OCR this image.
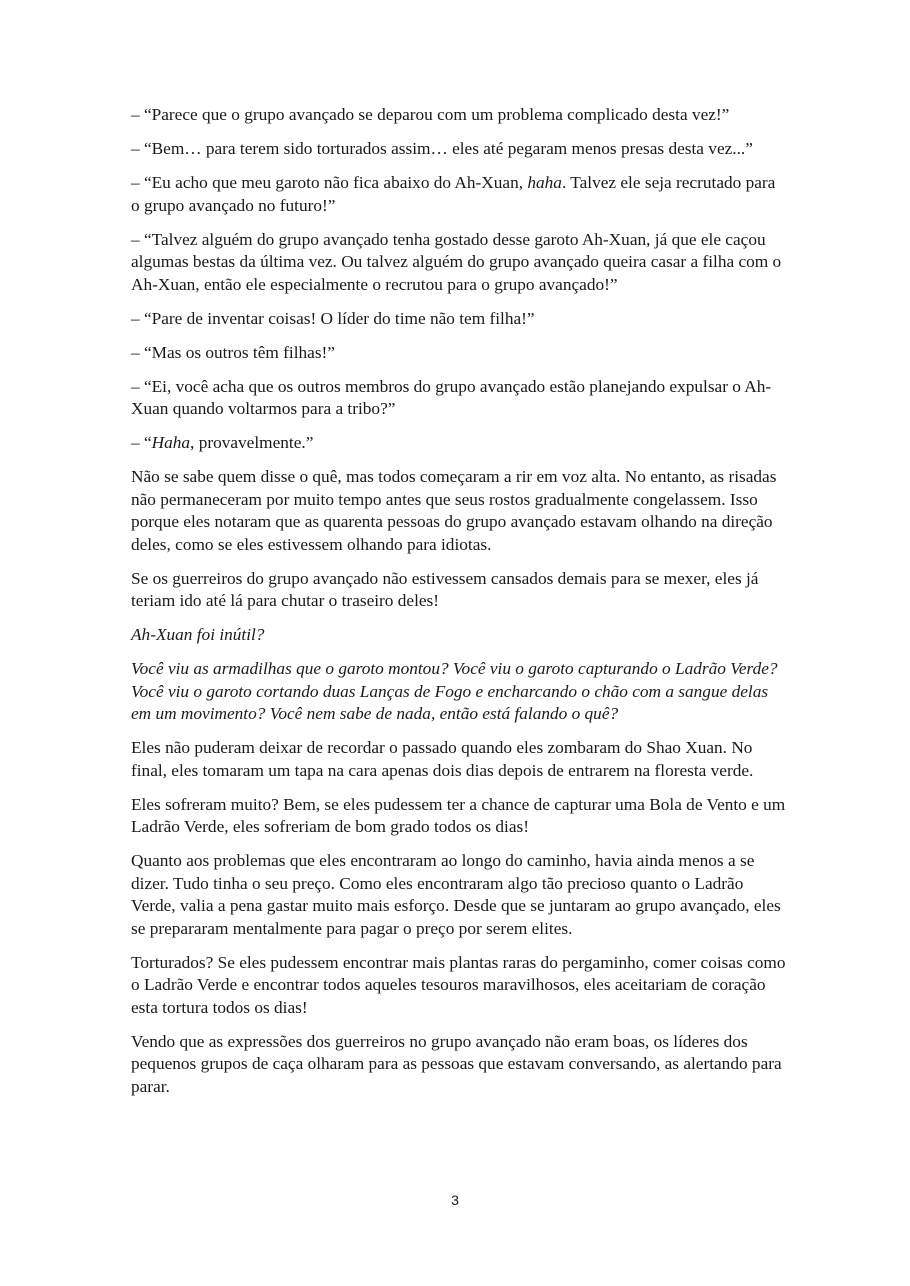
– “Parece que o grupo avançado se deparou com um problema complicado desta vez!”

– “Bem… para terem sido torturados assim… eles até pegaram menos presas desta vez...”

– “Eu acho que meu garoto não fica abaixo do Ah-Xuan, haha. Talvez ele seja recrutado para o grupo avançado no futuro!”

– “Talvez alguém do grupo avançado tenha gostado desse garoto Ah-Xuan, já que ele caçou algumas bestas da última vez. Ou talvez alguém do grupo avançado queira casar a filha com o Ah-Xuan, então ele especialmente o recrutou para o grupo avançado!”

– “Pare de inventar coisas! O líder do time não tem filha!”

– “Mas os outros têm filhas!”

– “Ei, você acha que os outros membros do grupo avançado estão planejando expulsar o Ah-Xuan quando voltarmos para a tribo?”

– “Haha, provavelmente.”

Não se sabe quem disse o quê, mas todos começaram a rir em voz alta. No entanto, as risadas não permaneceram por muito tempo antes que seus rostos gradualmente congelassem. Isso porque eles notaram que as quarenta pessoas do grupo avançado estavam olhando na direção deles, como se eles estivessem olhando para idiotas.

Se os guerreiros do grupo avançado não estivessem cansados demais para se mexer, eles já teriam ido até lá para chutar o traseiro deles!

Ah-Xuan foi inútil?

Você viu as armadilhas que o garoto montou? Você viu o garoto capturando o Ladrão Verde? Você viu o garoto cortando duas Lanças de Fogo e encharcando o chão com a sangue delas em um movimento? Você nem sabe de nada, então está falando o quê?

Eles não puderam deixar de recordar o passado quando eles zombaram do Shao Xuan. No final, eles tomaram um tapa na cara apenas dois dias depois de entrarem na floresta verde.

Eles sofreram muito? Bem, se eles pudessem ter a chance de capturar uma Bola de Vento e um Ladrão Verde, eles sofreriam de bom grado todos os dias!

Quanto aos problemas que eles encontraram ao longo do caminho, havia ainda menos a se dizer. Tudo tinha o seu preço. Como eles encontraram algo tão precioso quanto o Ladrão Verde, valia a pena gastar muito mais esforço. Desde que se juntaram ao grupo avançado, eles se prepararam mentalmente para pagar o preço por serem elites.

Torturados? Se eles pudessem encontrar mais plantas raras do pergaminho, comer coisas como o Ladrão Verde e encontrar todos aqueles tesouros maravilhosos, eles aceitariam de coração esta tortura todos os dias!

Vendo que as expressões dos guerreiros no grupo avançado não eram boas, os líderes dos pequenos grupos de caça olharam para as pessoas que estavam conversando, as alertando para parar.

3
